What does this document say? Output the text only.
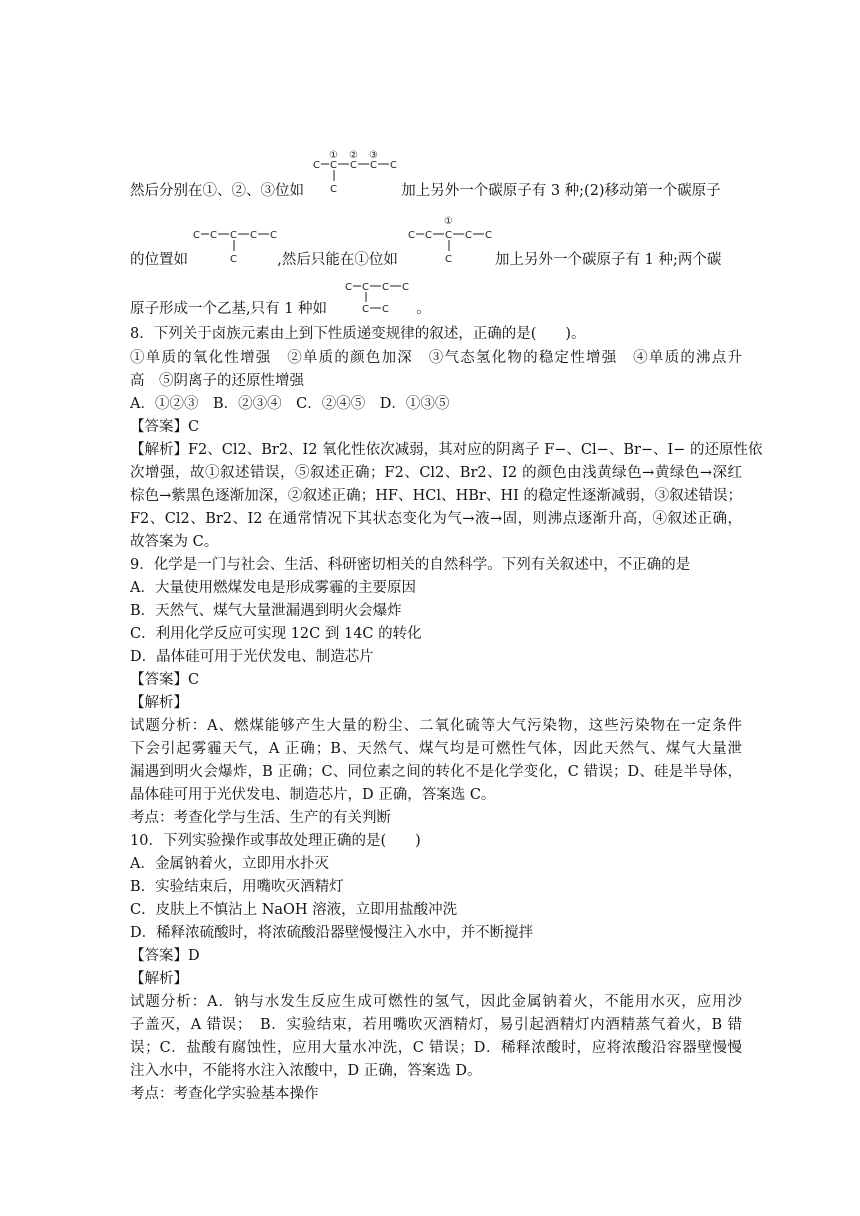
C C C C C
① ② ③
C
然后分别在①、②、③位如	加上另外一个碳原子有 3 种;(2)移动第一个碳原子
C C C C C
C
①
C C C C C
C
的位置如	,然后只能在①位如	加上另外一个碳原子有 1 种;两个碳
C C C C
C C
原子形成一个乙基,只有 1 种如	。
8．下列关于卤族元素由上到下性质递变规律的叙述，正确的是(　　)。
①单质的氧化性增强　②单质的颜色加深　③气态氢化物的稳定性增强　④单质的沸点升
高　⑤阴离子的还原性增强
A．①②③　B．②③④　C．②④⑤　D．①③⑤
【答案】C
【解析】F2、Cl2、Br2、I2 氧化性依次减弱，其对应的阴离子 F−、Cl−、Br−、I− 的还原性依
次增强，故①叙述错误，⑤叙述正确；F2、Cl2、Br2、I2 的颜色由浅黄绿色→黄绿色→深红
棕色→紫黑色逐渐加深，②叙述正确；HF、HCl、HBr、HI 的稳定性逐渐减弱，③叙述错误；
F2、Cl2、Br2、I2 在通常情况下其状态变化为气→液→固，则沸点逐渐升高，④叙述正确，
故答案为 C。
9．化学是一门与社会、生活、科研密切相关的自然科学。下列有关叙述中，不正确的是
A．大量使用燃煤发电是形成雾霾的主要原因
B．天然气、煤气大量泄漏遇到明火会爆炸
C．利用化学反应可实现 12C 到 14C 的转化
D．晶体硅可用于光伏发电、制造芯片
【答案】C
【解析】
试题分析：A、燃煤能够产生大量的粉尘、二氧化硫等大气污染物，这些污染物在一定条件
下会引起雾霾天气，A 正确；B、天然气、煤气均是可燃性气体，因此天然气、煤气大量泄
漏遇到明火会爆炸，B 正确；C、同位素之间的转化不是化学变化，C 错误；D、硅是半导体，
晶体硅可用于光伏发电、制造芯片，D 正确，答案选 C。
考点：考查化学与生活、生产的有关判断
10．下列实验操作或事故处理正确的是(　　)
A．金属钠着火，立即用水扑灭
B．实验结束后，用嘴吹灭酒精灯
C．皮肤上不慎沾上 NaOH 溶液，立即用盐酸冲洗
D．稀释浓硫酸时，将浓硫酸沿器壁慢慢注入水中，并不断搅拌
【答案】D
【解析】
试题分析：A．钠与水发生反应生成可燃性的氢气，因此金属钠着火，不能用水灭，应用沙
子盖灭，A 错误；　B．实验结束，若用嘴吹灭酒精灯，易引起酒精灯内酒精蒸气着火，B 错
误；C．盐酸有腐蚀性，应用大量水冲洗，C 错误；D．稀释浓酸时，应将浓酸沿容器壁慢慢
注入水中，不能将水注入浓酸中，D 正确，答案选 D。
考点：考查化学实验基本操作
